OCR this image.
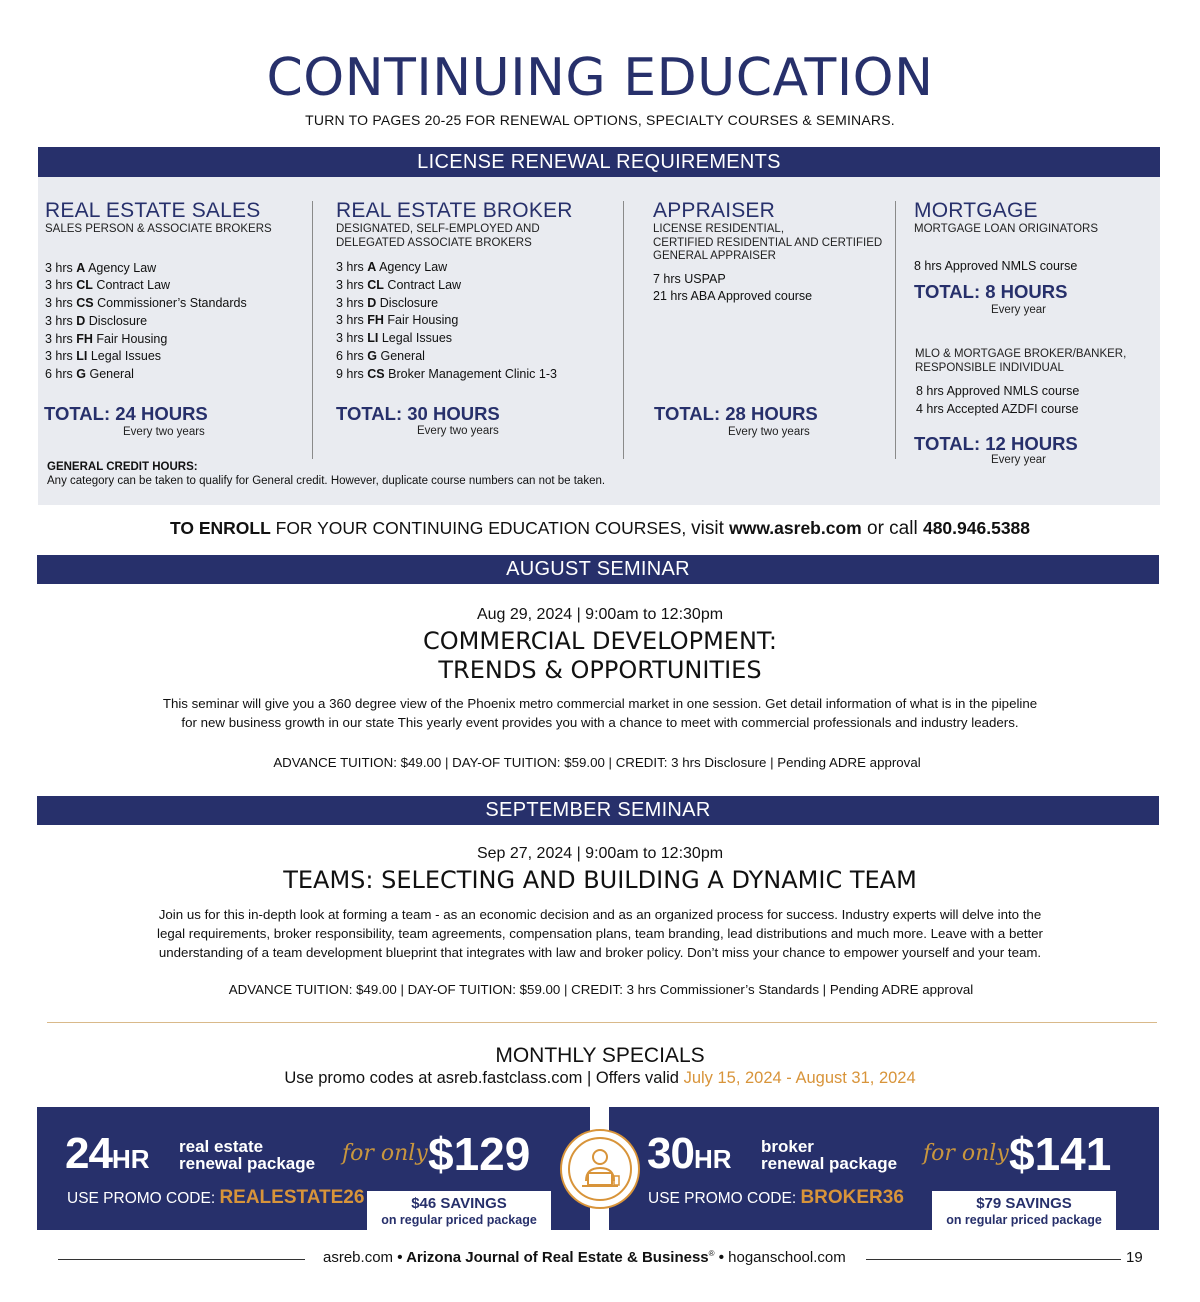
CONTINUING EDUCATION
TURN TO PAGES 20-25 FOR RENEWAL OPTIONS, SPECIALTY COURSES & SEMINARS.
LICENSE RENEWAL REQUIREMENTS
REAL ESTATE SALES
SALES PERSON & ASSOCIATE BROKERS
3 hrs A Agency Law
3 hrs CL Contract Law
3 hrs CS Commissioner’s Standards
3 hrs D Disclosure
3 hrs FH Fair Housing
3 hrs LI Legal Issues
6 hrs G General
TOTAL: 24 HOURS
Every two years
REAL ESTATE BROKER
DESIGNATED, SELF-EMPLOYED AND
DELEGATED ASSOCIATE BROKERS
3 hrs A Agency Law
3 hrs CL Contract Law
3 hrs D Disclosure
3 hrs FH Fair Housing
3 hrs LI Legal Issues
6 hrs G General
9 hrs CS Broker Management Clinic 1-3
TOTAL: 30 HOURS
Every two years
APPRAISER
LICENSE RESIDENTIAL,
CERTIFIED RESIDENTIAL AND CERTIFIED
GENERAL APPRAISER
7 hrs USPAP
21 hrs ABA Approved course
TOTAL: 28 HOURS
Every two years
MORTGAGE
MORTGAGE LOAN ORIGINATORS
8 hrs Approved NMLS course
TOTAL: 8 HOURS
Every year
MLO & MORTGAGE BROKER/BANKER,
RESPONSIBLE INDIVIDUAL
8 hrs Approved NMLS course
4 hrs Accepted AZDFI course
TOTAL: 12 HOURS
Every year
GENERAL CREDIT HOURS:
Any category can be taken to qualify for General credit. However, duplicate course numbers can not be taken.
TO ENROLL FOR YOUR CONTINUING EDUCATION COURSES, visit www.asreb.com or call 480.946.5388
AUGUST SEMINAR
Aug 29, 2024 | 9:00am to 12:30pm
COMMERCIAL DEVELOPMENT:
TRENDS & OPPORTUNITIES
This seminar will give you a 360 degree view of the Phoenix metro commercial market in one session. Get detail information of what is in the pipeline
for new business growth in our state This yearly event provides you with a chance to meet with commercial professionals and industry leaders.
ADVANCE TUITION: $49.00 | DAY-OF TUITION: $59.00 | CREDIT: 3 hrs Disclosure | Pending ADRE approval
SEPTEMBER SEMINAR
Sep 27, 2024 | 9:00am to 12:30pm
TEAMS: SELECTING AND BUILDING A DYNAMIC TEAM
Join us for this in-depth look at forming a team - as an economic decision and as an organized process for success. Industry experts will delve into the
legal requirements, broker responsibility, team agreements, compensation plans, team branding, lead distributions and much more. Leave with a better
understanding of a team development blueprint that integrates with law and broker policy. Don’t miss your chance to empower yourself and your team.
ADVANCE TUITION: $49.00 | DAY-OF TUITION: $59.00 | CREDIT: 3 hrs Commissioner’s Standards | Pending ADRE approval
MONTHLY SPECIALS
Use promo codes at asreb.fastclass.com | Offers valid July 15, 2024 - August 31, 2024
24HR real estate
renewal package for only $129
USE PROMO CODE: REALESTATE26	$46 SAVINGS
on regular priced package
30HR broker
renewal package for only $141
USE PROMO CODE: BROKER36	$79 SAVINGS
on regular priced package
asreb.com • Arizona Journal of Real Estate & Business® • hoganschool.com	19
